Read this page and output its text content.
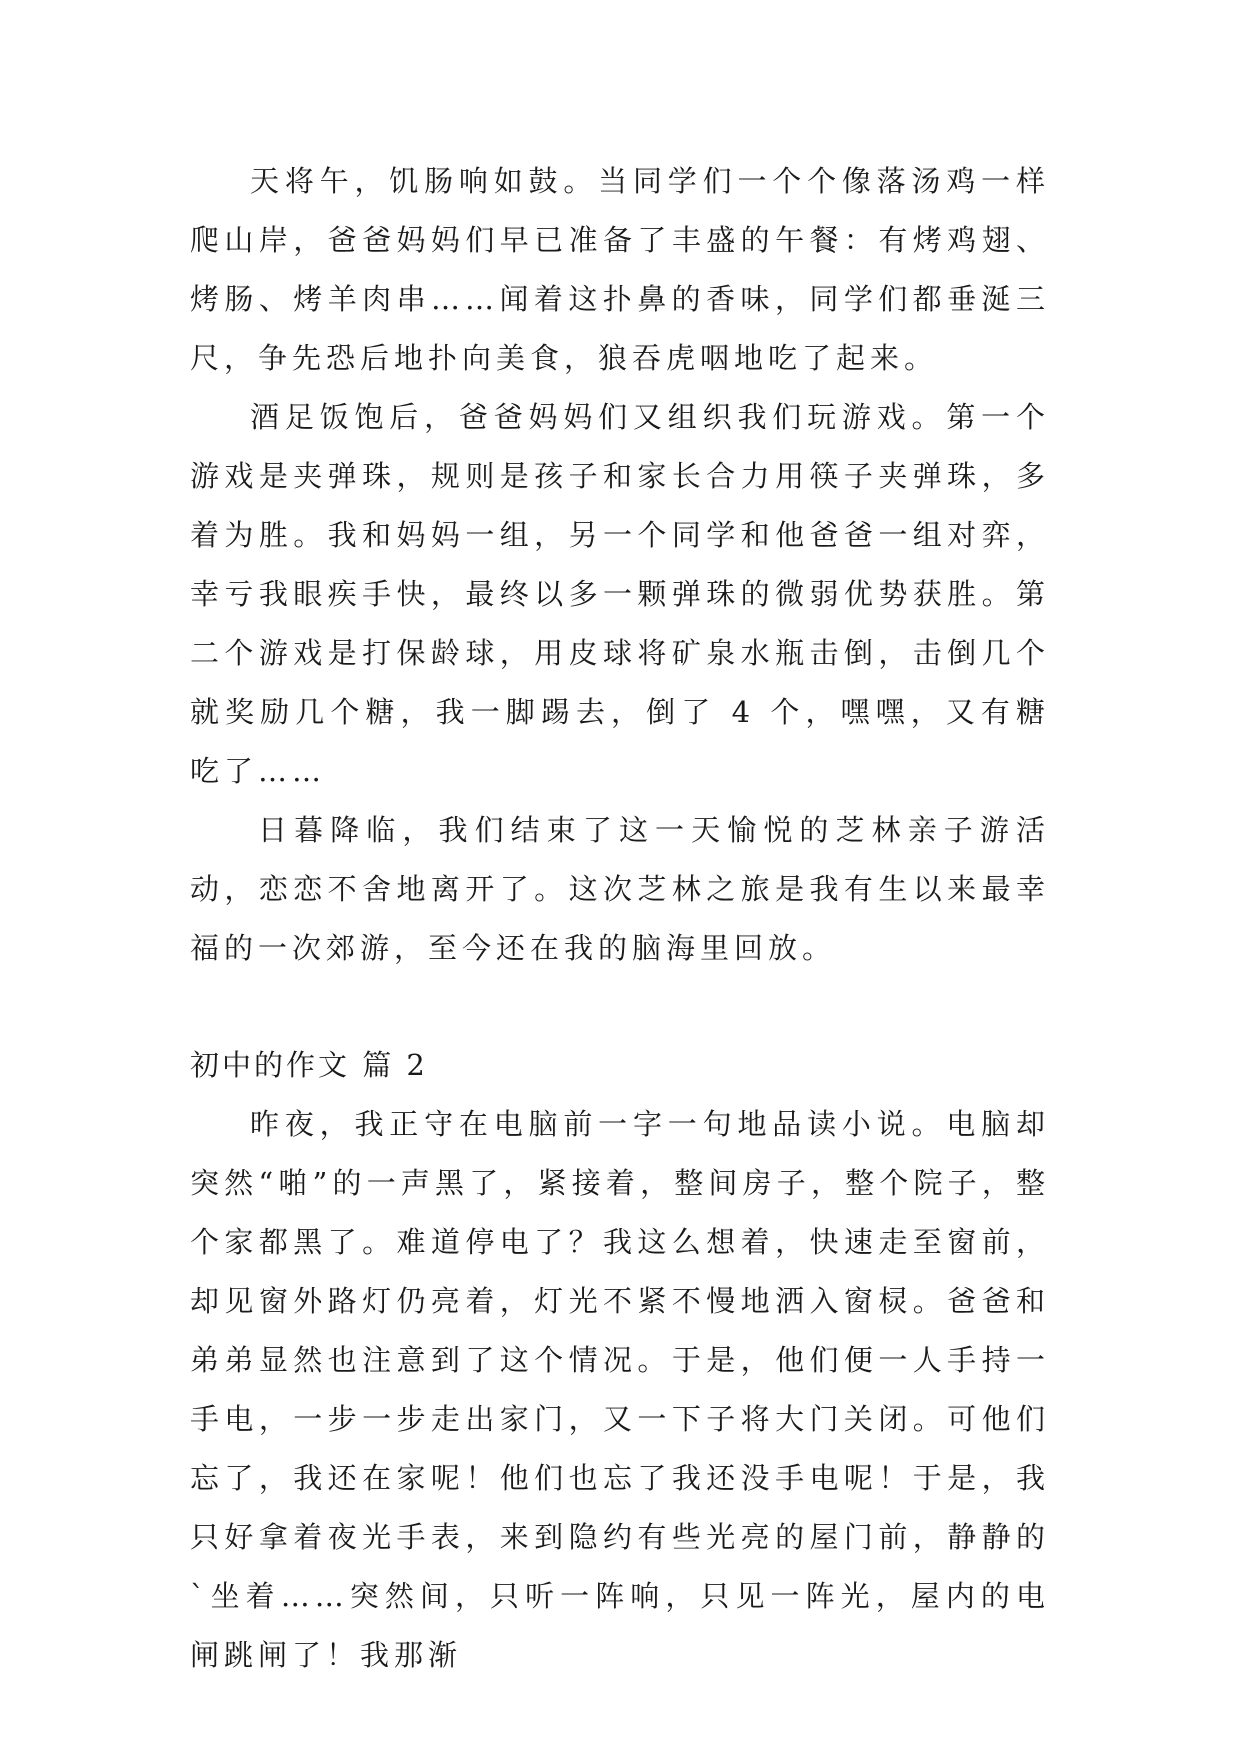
天将午，饥肠响如鼓。当同学们一个个像落汤鸡一样爬山岸，爸爸妈妈们早已准备了丰盛的午餐：有烤鸡翅、烤肠、烤羊肉串……闻着这扑鼻的香味，同学们都垂涎三尺，争先恐后地扑向美食，狼吞虎咽地吃了起来。

酒足饭饱后，爸爸妈妈们又组织我们玩游戏。第一个游戏是夹弹珠，规则是孩子和家长合力用筷子夹弹珠，多着为胜。我和妈妈一组，另一个同学和他爸爸一组对弈，幸亏我眼疾手快，最终以多一颗弹珠的微弱优势获胜。第二个游戏是打保龄球，用皮球将矿泉水瓶击倒，击倒几个就奖励几个糖，我一脚踢去，倒了 4 个，嘿嘿，又有糖吃了……

日暮降临，我们结束了这一天愉悦的芝林亲子游活动，恋恋不舍地离开了。这次芝林之旅是我有生以来最幸福的一次郊游，至今还在我的脑海里回放。

初中的作文 篇 2

昨夜，我正守在电脑前一字一句地品读小说。电脑却突然“啪”的一声黑了，紧接着，整间房子，整个院子，整个家都黑了。难道停电了？我这么想着，快速走至窗前，却见窗外路灯仍亮着，灯光不紧不慢地洒入窗棂。爸爸和弟弟显然也注意到了这个情况。于是，他们便一人手持一手电，一步一步走出家门，又一下子将大门关闭。可他们忘了，我还在家呢！他们也忘了我还没手电呢！于是，我只好拿着夜光手表，来到隐约有些光亮的屋门前，静静的`坐着……突然间，只听一阵响，只见一阵光，屋内的电闸跳闸了！我那渐
